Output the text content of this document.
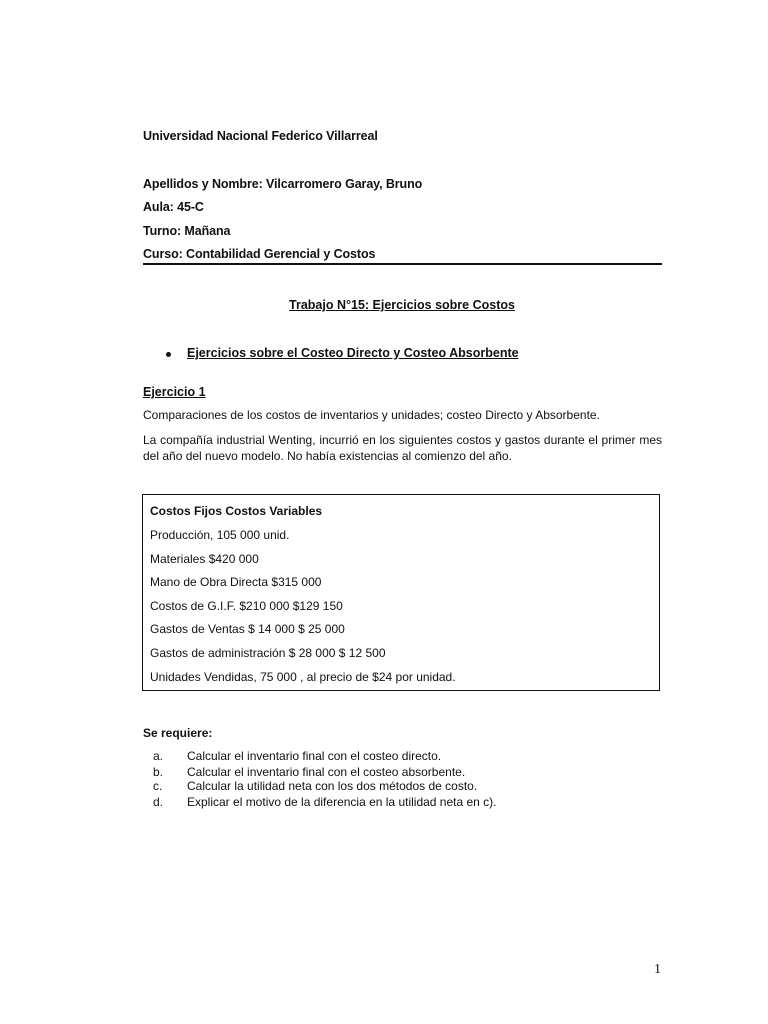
Universidad Nacional Federico Villarreal
Apellidos y Nombre: Vilcarromero Garay, Bruno
Aula: 45-C
Turno: Mañana
Curso: Contabilidad Gerencial y Costos
Trabajo N°15: Ejercicios sobre Costos
Ejercicios sobre el Costeo Directo y Costeo Absorbente
Ejercicio 1
Comparaciones de los costos de inventarios y unidades; costeo Directo y Absorbente.
La compañía industrial Wenting, incurrió en los siguientes costos y gastos durante el primer mes del año del nuevo modelo. No había existencias al comienzo del año.
Costos Fijos Costos Variables
Producción, 105 000 unid.
Materiales $420 000
Mano de Obra Directa $315 000
Costos de G.I.F. $210 000 $129 150
Gastos de Ventas $ 14 000 $ 25 000
Gastos de administración $ 28 000 $ 12 500
Unidades Vendidas, 75 000 , al precio de $24 por unidad.
Se requiere:
a. Calcular el inventario final con el costeo directo.
b. Calcular el inventario final con el costeo absorbente.
c. Calcular la utilidad neta con los dos métodos de costo.
d. Explicar el motivo de la diferencia en la utilidad neta en c).
1
